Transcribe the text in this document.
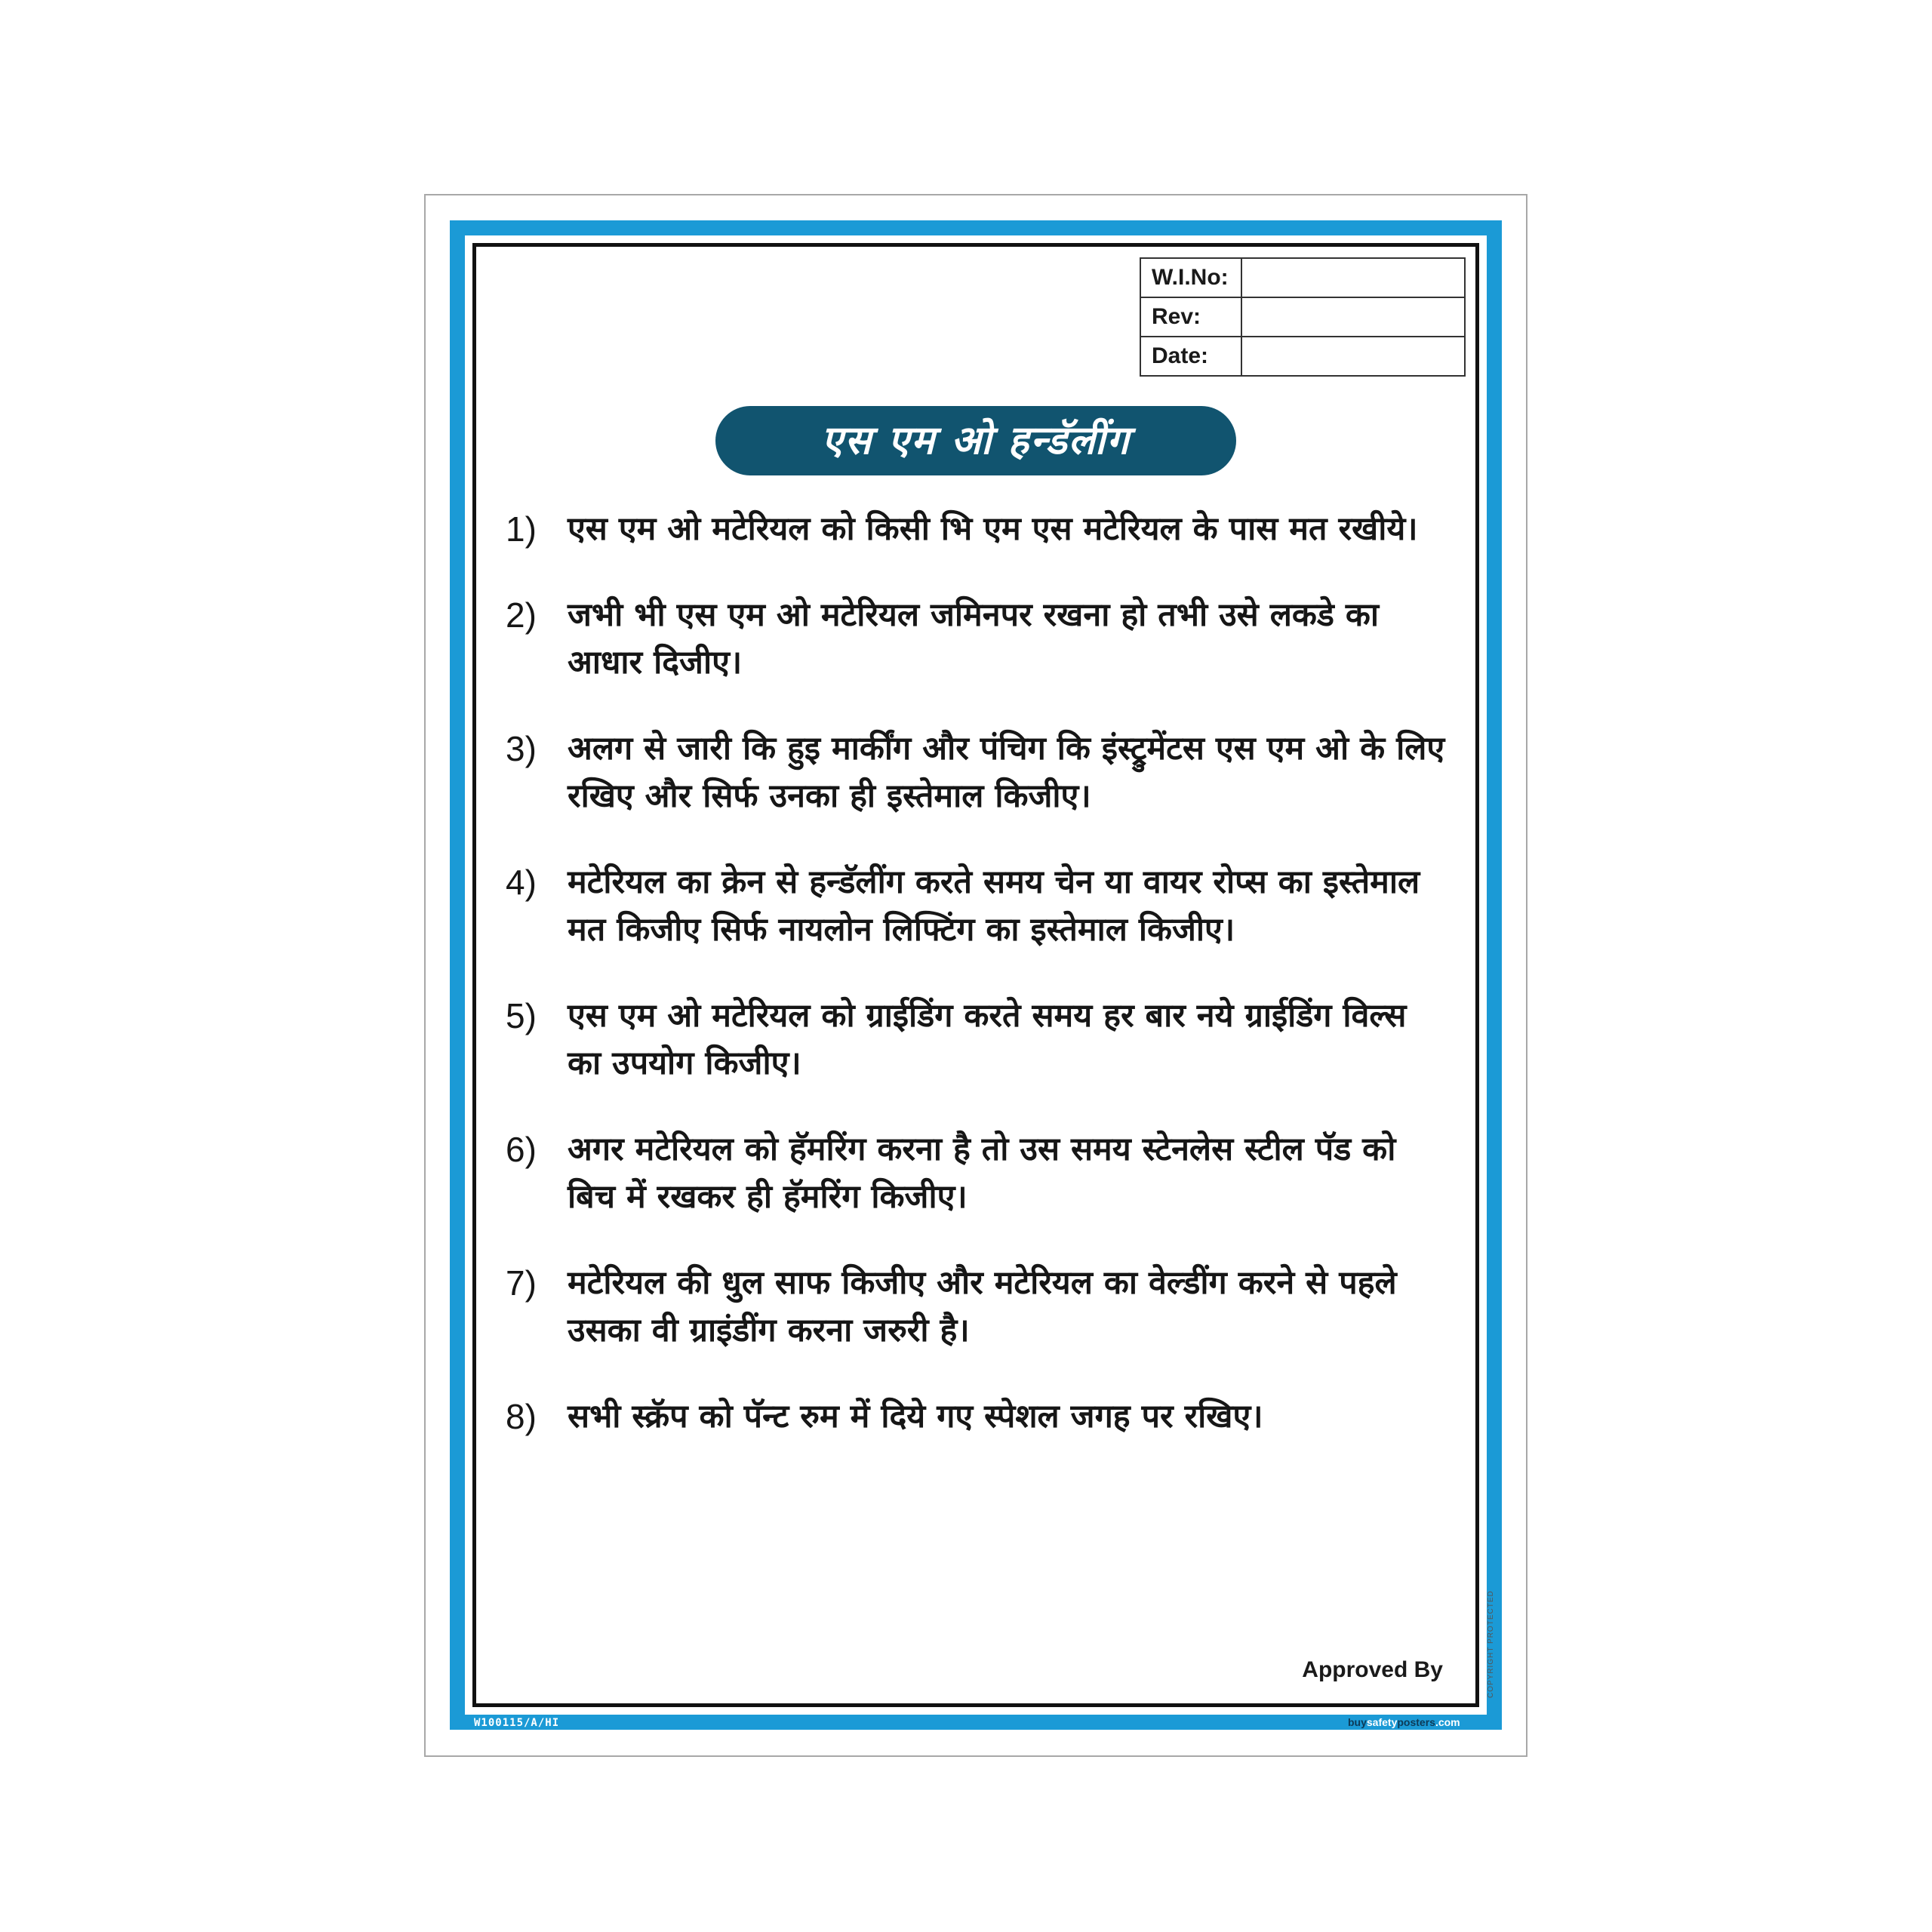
W.I.No:	
Rev:	
Date:	
एस एम ओ हन्डॅलींग
1) एस एम ओ मटेरियल को किसी भि एम एस मटेरियल के पास मत रखीये।
2) जभी भी एस एम ओ मटेरियल जमिनपर रखना हो तभी उसे लकडे का आधार दिजीए।
3) अलग से जारी कि हुइ मार्कींग और पंचिग कि इंस्ट्रुमेंटस एस एम ओ के लिए रखिए और सिर्फ उनका ही इस्तेमाल किजीए।
4) मटेरियल का क्रेन से हन्डॅलींग करते समय चेन या वायर रोप्स का इस्तेमाल मत किजीए सिर्फ नायलोन लिफ्टिंग का इस्तेमाल किजीए।
5) एस एम ओ मटेरियल को ग्राईडिंग करते समय हर बार नये ग्राईडिंग विल्स का उपयोग किजीए।
6) अगर मटेरियल को हॅमरिंग करना है तो उस समय स्टेनलेस स्टील पॅड को बिच में रखकर ही हॅमरिंग किजीए।
7) मटेरियल की धुल साफ किजीए और मटेरियल का वेल्डींग करने से पहले उसका वी ग्राइंडींग करना जरुरी है।
8) सभी स्क्रॅप को पॅन्ट रुम में दिये गए स्पेशल जगह पर रखिए।
Approved By
W100115/A/HI	buysafetyposters.com
COPYRIGHT PROTECTED
